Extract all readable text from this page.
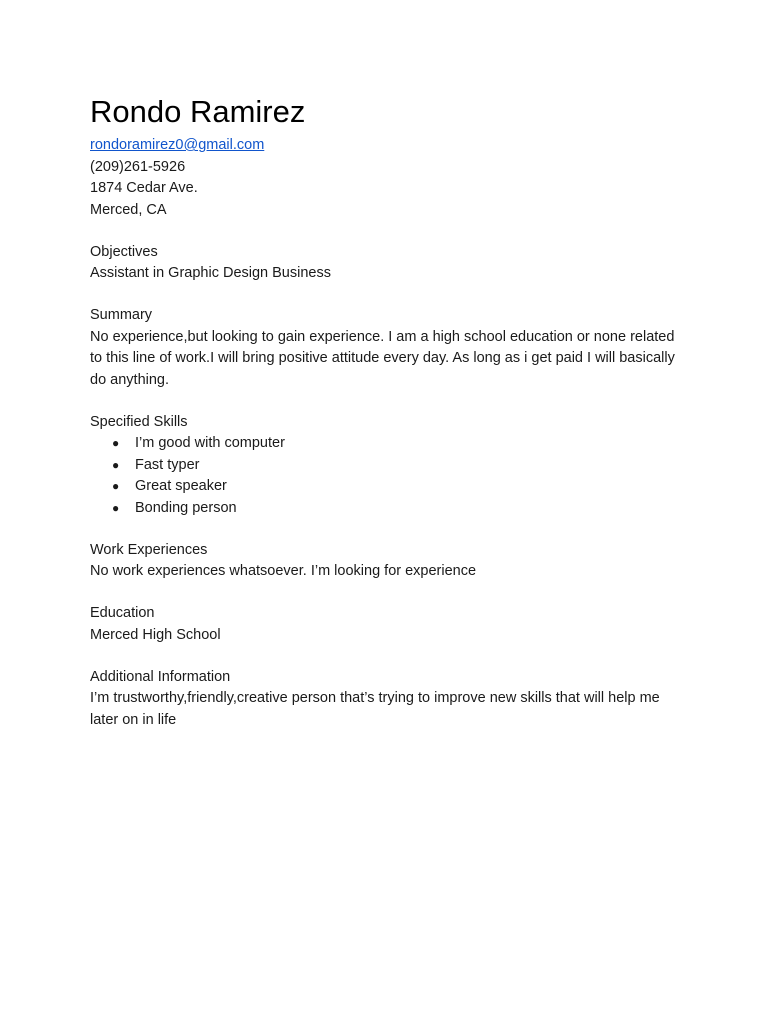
Rondo Ramirez

rondoramirez0@gmail.com

(209)261-5926

1874 Cedar Ave.

Merced, CA

Objectives

Assistant in Graphic Design Business

Summary

No experience,but looking to gain experience. I am a high school education or none related to this line of work.I will bring positive attitude every day. As long as i get paid I will basically do anything.

Specified Skills

● I’m good with computer
● Fast typer
● Great speaker
● Bonding person

Work Experiences

No work experiences whatsoever. I’m looking for experience

Education

Merced High School

Additional Information

I’m trustworthy,friendly,creative person that’s trying to improve new skills that will help me later on in life
